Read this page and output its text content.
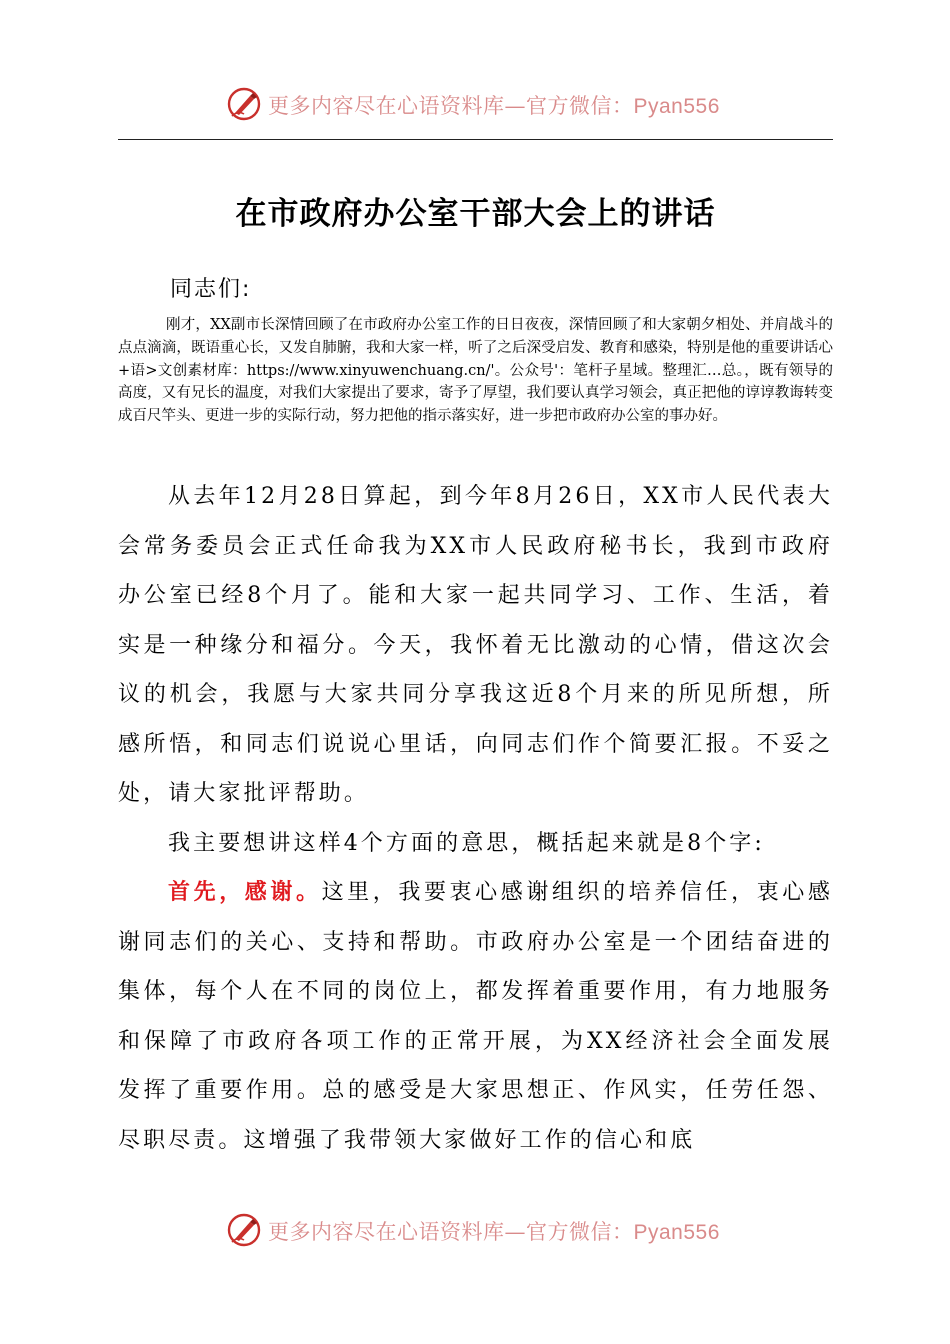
更多内容尽在心语资料库—官方微信：Pyan556
在市政府办公室干部大会上的讲话
同志们:
刚才，XX副市长深情回顾了在市政府办公室工作的日日夜夜，深情回顾了和大家朝夕相处、并肩战斗的点点滴滴，既语重心长，又发自肺腑，我和大家一样，听了之后深受启发、教育和感染，特别是他的重要讲话心+语>文创素材库：https://www.xinyuwenchuang.cn/'。公众号'：笔杆子星域。整理汇…总。，既有领导的高度，又有兄长的温度，对我们大家提出了要求，寄予了厚望，我们要认真学习领会，真正把他的谆谆教诲转变成百尺竿头、更进一步的实际行动，努力把他的指示落实好，进一步把市政府办公室的事办好。

从去年12月28日算起，到今年8月26日，XX市人民代表大会常务委员会正式任命我为XX市人民政府秘书长，我到市政府办公室已经8个月了。能和大家一起共同学习、工作、生活，着实是一种缘分和福分。今天，我怀着无比激动的心情，借这次会议的机会，我愿与大家共同分享我这近8个月来的所见所想，所感所悟，和同志们说说心里话，向同志们作个简要汇报。不妥之处，请大家批评帮助。

我主要想讲这样4个方面的意思，概括起来就是8个字:

首先，感谢。这里，我要衷心感谢组织的培养信任，衷心感谢同志们的关心、支持和帮助。市政府办公室是一个团结奋进的集体，每个人在不同的岗位上，都发挥着重要作用，有力地服务和保障了市政府各项工作的正常开展，为XX经济社会全面发展发挥了重要作用。总的感受是大家思想正、作风实，任劳任怨、尽职尽责。这增强了我带领大家做好工作的信心和底

更多内容尽在心语资料库—官方微信：Pyan556
